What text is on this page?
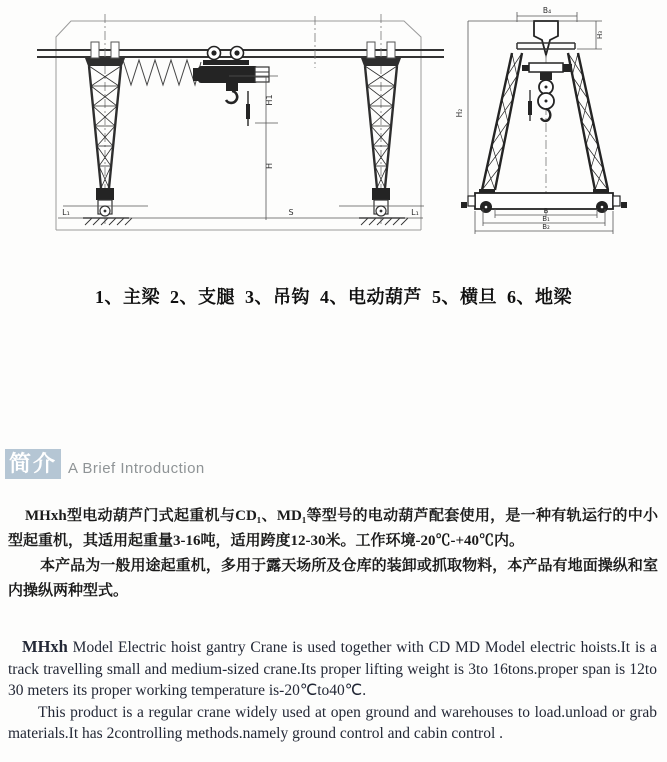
H1
H
L₁	S	L₁
B₄
H₃
H₂
B
B₁
B₂
1、主梁  2、支腿  3、吊钩  4、电动葫芦  5、横旦  6、地梁
简介 A Brief Introduction

MHxh型电动葫芦门式起重机与CD₁、MD₁等型号的电动葫芦配套使用，是一种有轨运行的中小型起重机，其适用起重量3-16吨，适用跨度12-30米。工作环境-20℃-+40℃内。

本产品为一般用途起重机，多用于露天场所及仓库的装卸或抓取物料，本产品有地面操纵和室内操纵两种型式。

MHxh Model Electric hoist gantry Crane is used together with CD MD Model electric hoists.It is a track travelling small and medium-sized crane.Its proper lifting weight is 3to 16tons.proper span is 12to 30 meters its proper working temperature is-20℃to40℃.

This product is a regular crane widely used at open ground and warehouses to load.unload or grab materials.It has 2controlling methods.namely ground control and cabin control .
